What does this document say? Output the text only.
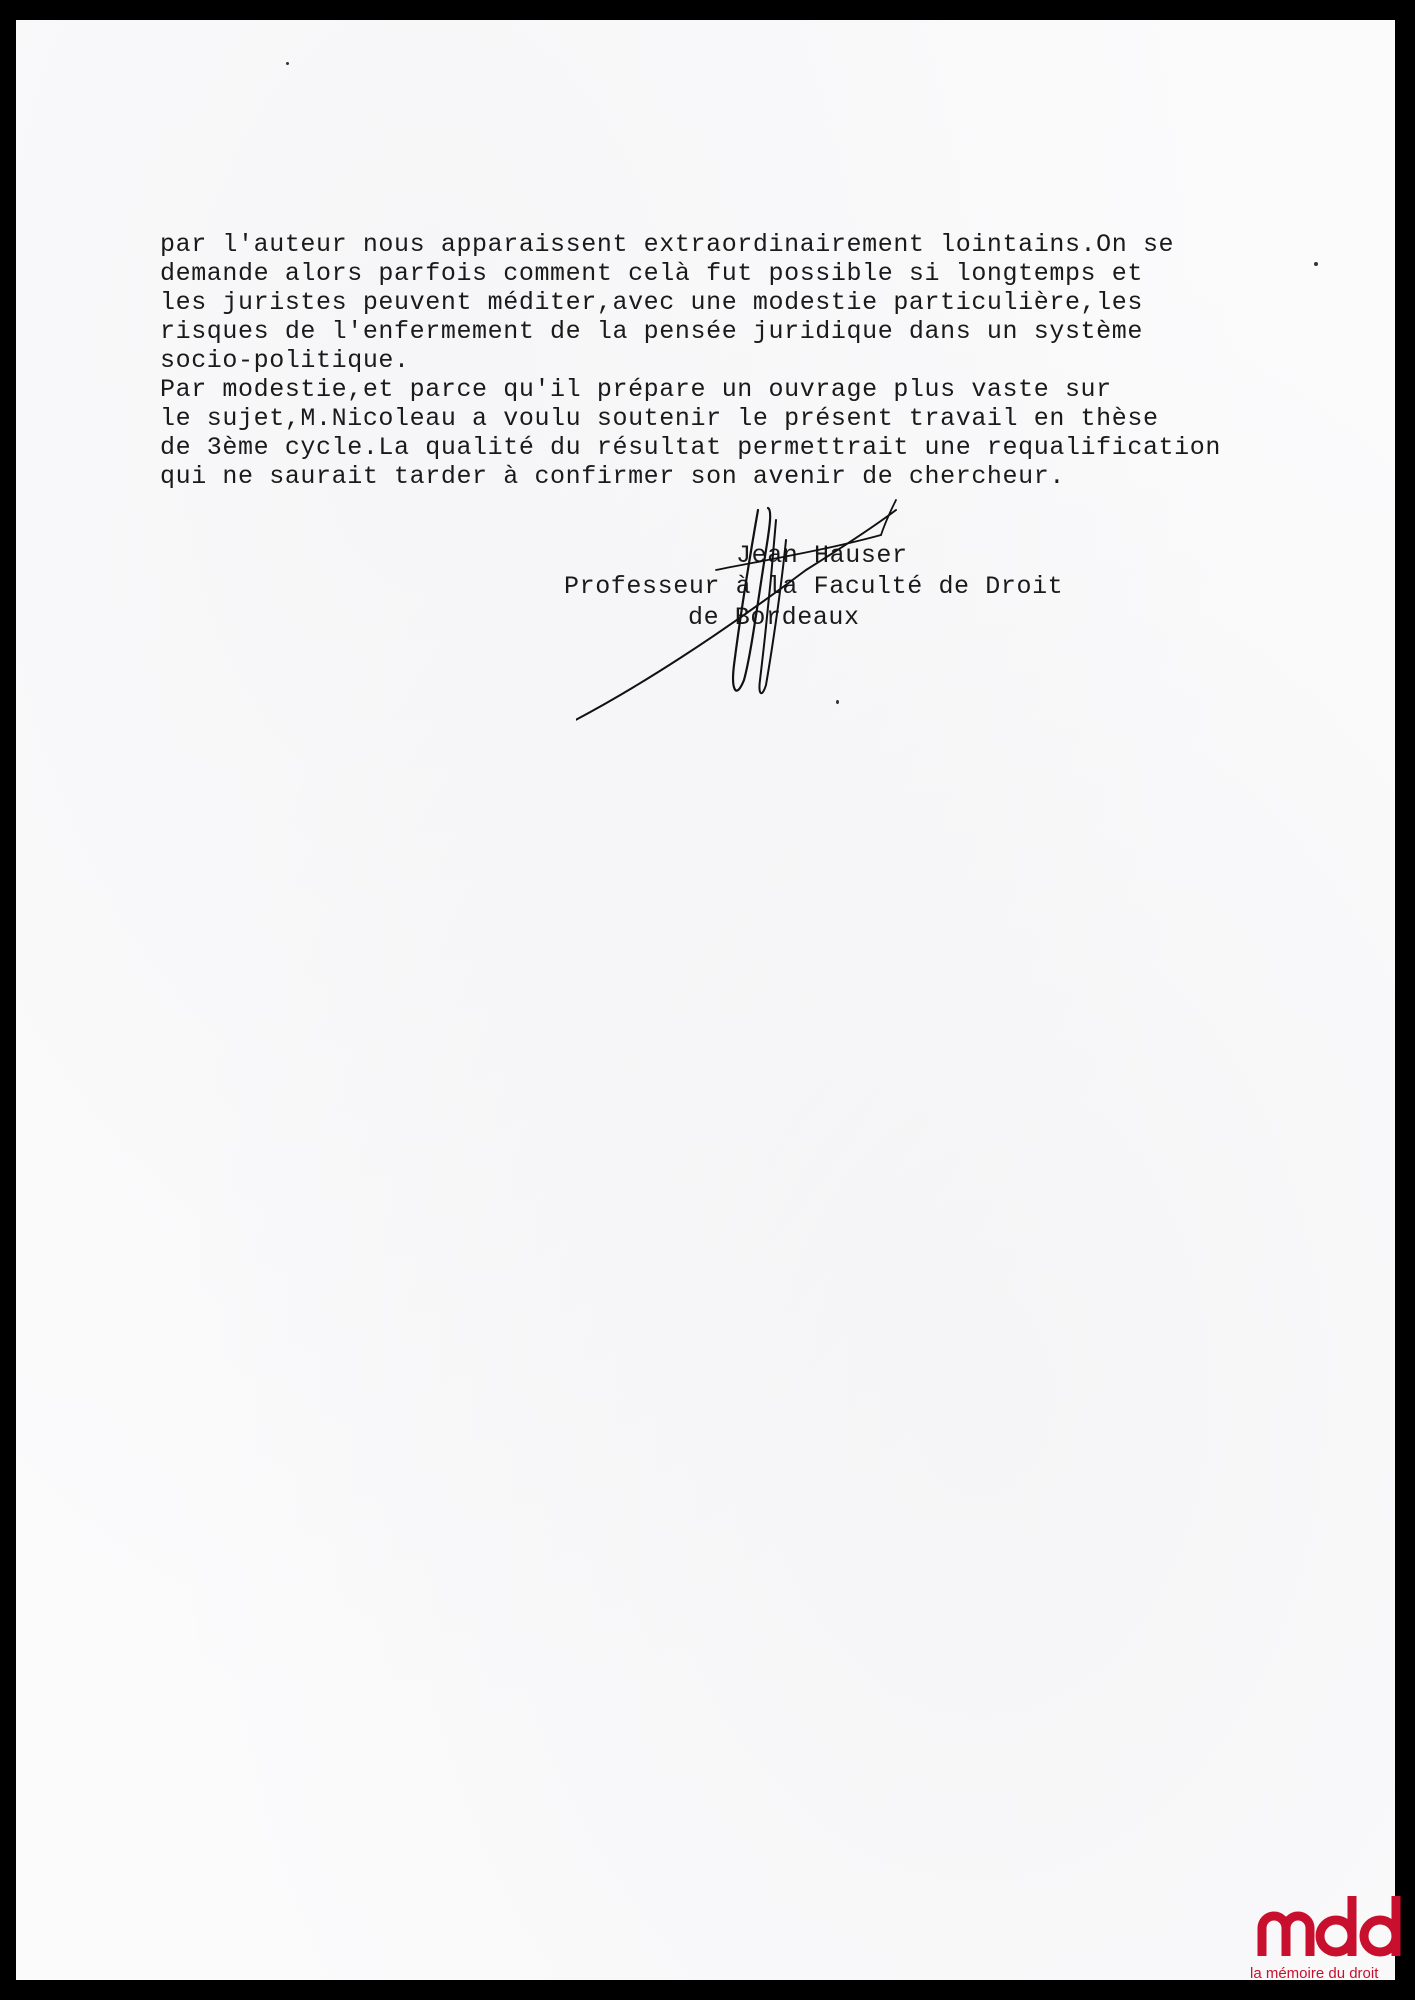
par l'auteur nous apparaissent extraordinairement lointains.On se
demande alors parfois comment celà fut possible si longtemps et
les juristes peuvent méditer,avec une modestie particulière,les
risques de l'enfermement de la pensée juridique dans un système
socio-politique.
Par modestie,et parce qu'il prépare un ouvrage plus vaste sur
le sujet,M.Nicoleau a voulu soutenir le présent travail en thèse
de 3ème cycle.La qualité du résultat permettrait une requalification
qui ne saurait tarder à confirmer son avenir de chercheur.
Jean Hauser
Professeur à la Faculté de Droit
de Bordeaux
la mémoire du droit
